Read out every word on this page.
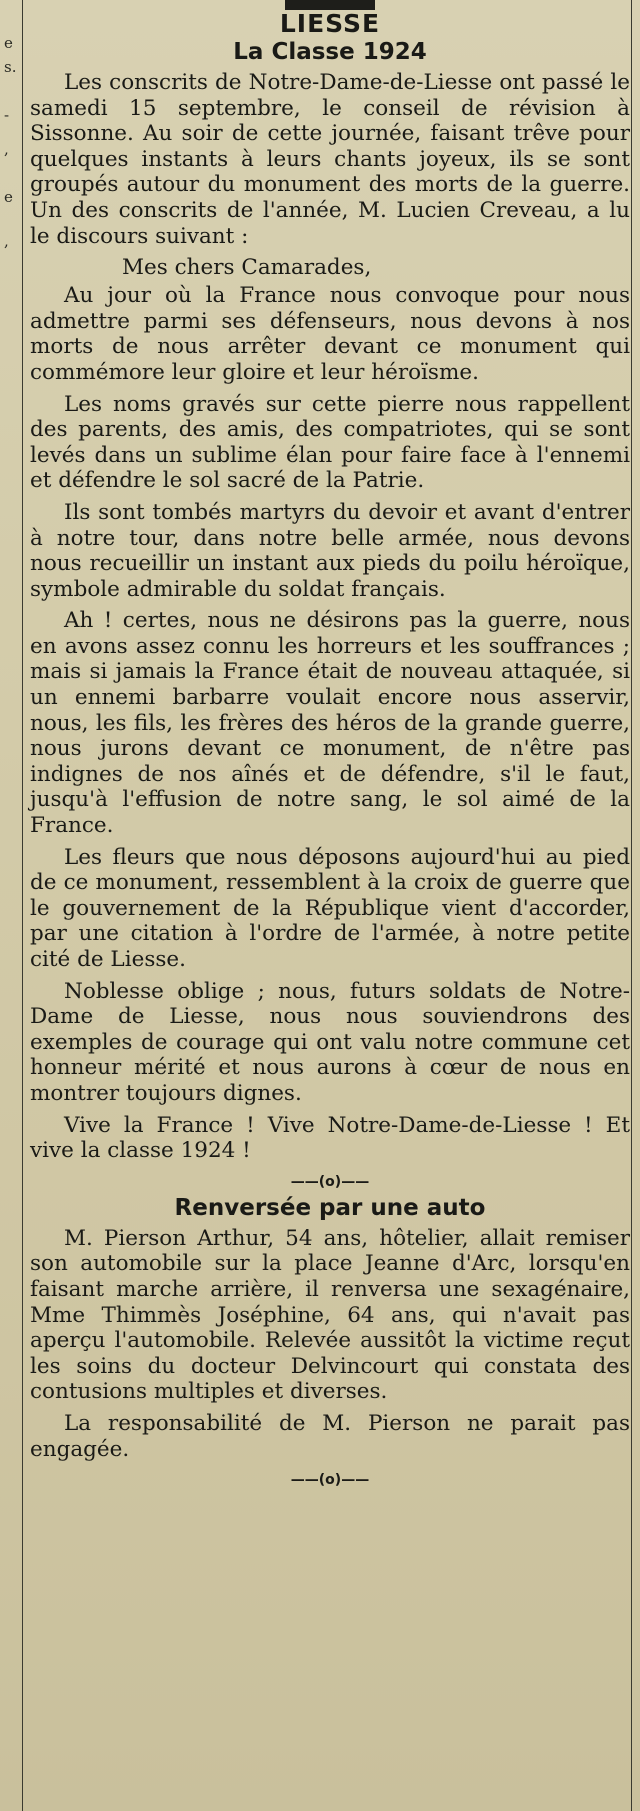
e
s.
-
,
e
,
LIESSE
La Classe 1924

Les conscrits de Notre-Dame-de-Liesse ont passé le samedi 15 septembre, le conseil de révision à Sissonne. Au soir de cette journée, faisant trêve pour quelques instants à leurs chants joyeux, ils se sont groupés autour du monument des morts de la guerre. Un des conscrits de l'année, M. Lucien Creveau, a lu le discours suivant :

Mes chers Camarades,

Au jour où la France nous convoque pour nous admettre parmi ses défenseurs, nous devons à nos morts de nous arrêter devant ce monument qui commémore leur gloire et leur héroïsme.

Les noms gravés sur cette pierre nous rappellent des parents, des amis, des compatriotes, qui se sont levés dans un sublime élan pour faire face à l'ennemi et défendre le sol sacré de la Patrie.

Ils sont tombés martyrs du devoir et avant d'entrer à notre tour, dans notre belle armée, nous devons nous recueillir un instant aux pieds du poilu héroïque, symbole admirable du soldat français.

Ah ! certes, nous ne désirons pas la guerre, nous en avons assez connu les horreurs et les souffrances ; mais si jamais la France était de nouveau attaquée, si un ennemi barbarre voulait encore nous asservir, nous, les fils, les frères des héros de la grande guerre, nous jurons devant ce monument, de n'être pas indignes de nos aînés et de défendre, s'il le faut, jusqu'à l'effusion de notre sang, le sol aimé de la France.

Les fleurs que nous déposons aujourd'hui au pied de ce monument, ressemblent à la croix de guerre que le gouvernement de la République vient d'accorder, par une citation à l'ordre de l'armée, à notre petite cité de Liesse.

Noblesse oblige ; nous, futurs soldats de Notre-Dame de Liesse, nous nous souviendrons des exemples de courage qui ont valu notre commune cet honneur mérité et nous aurons à cœur de nous en montrer toujours dignes.

Vive la France ! Vive Notre-Dame-de-Liesse ! Et vive la classe 1924 !

——(o)——
Renversée par une auto

M. Pierson Arthur, 54 ans, hôtelier, allait remiser son automobile sur la place Jeanne d'Arc, lorsqu'en faisant marche arrière, il renversa une sexagénaire, Mme Thimmès Joséphine, 64 ans, qui n'avait pas aperçu l'automobile. Relevée aussitôt la victime reçut les soins du docteur Delvincourt qui constata des contusions multiples et diverses.

La responsabilité de M. Pierson ne parait pas engagée.

——(o)——
